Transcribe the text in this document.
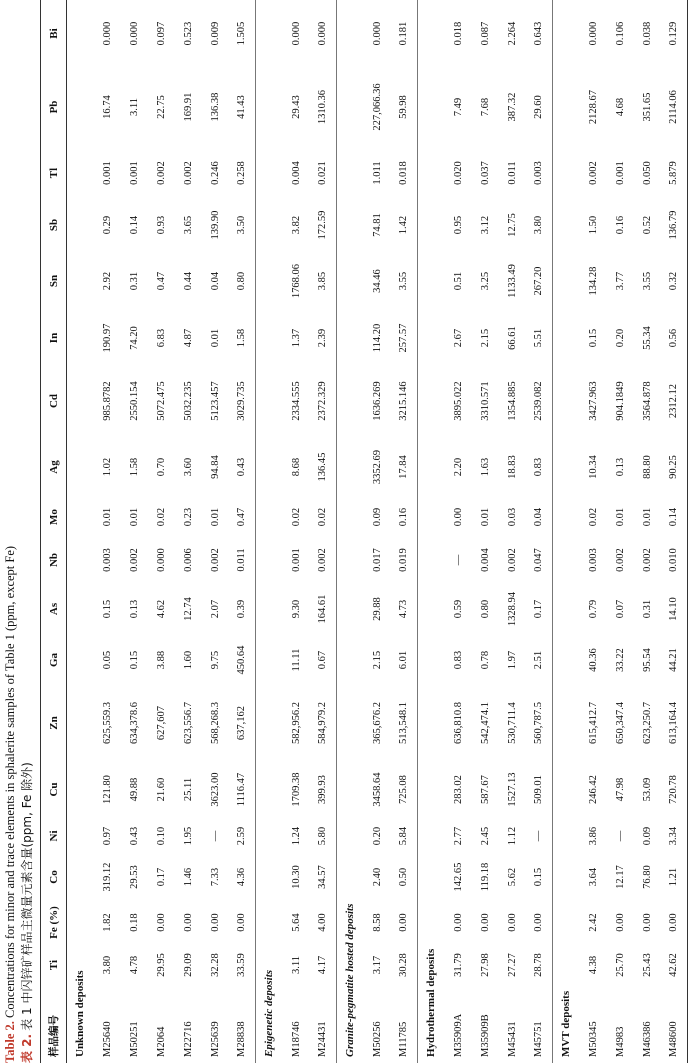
Table 2. Concentrations for minor and trace elements in sphalerite samples of Table 1 (ppm, except Fe)
表 2. 表 1 中闪锌矿样品主微量元素含量(ppm, Fe 除外)
样品编号	Ti	Fe (%)	Co	Ni	Cu	Zn	Ga	As	Nb	Mo	Ag	Cd	In	Sn	Sb	Tl	Pb	Bi
Unknown deposits																		
M25640	3.80	1.82	319.12	0.97	121.80	625,559.3	0.05	0.15	0.003	0.01	1.02	985.8782	190.97	2.92	0.29	0.001	16.74	0.000
M50251	4.78	0.18	29.53	0.43	49.88	634,378.6	0.15	0.13	0.002	0.01	1.58	2550.154	74.20	0.31	0.14	0.001	3.11	0.000
M2064	29.95	0.00	0.17	0.10	21.60	627,607	3.88	4.62	0.000	0.02	0.70	5072.475	6.83	0.47	0.93	0.002	22.75	0.097
M22716	29.09	0.00	1.46	1.95	25.11	623,556.7	1.60	12.74	0.006	0.23	3.60	5032.235	4.87	0.44	3.65	0.002	169.91	0.523
M25639	32.28	0.00	7.33	—	3623.00	568,268.3	9.75	2.07	0.002	0.01	94.84	5123.457	0.01	0.04	139.90	0.246	136.38	0.009
M28838	33.59	0.00	4.36	2.59	1116.47	637,162	450.64	0.39	0.011	0.47	0.43	3029.735	1.58	0.80	3.50	0.258	41.43	1.505
Epigenetic deposits																		
M18746	3.11	5.64	10.30	1.24	1709.38	582,956.2	11.11	9.30	0.001	0.02	8.68	2334.555	1.37	1768.06	3.82	0.004	29.43	0.000
M24431	4.17	4.00	34.57	5.80	399.93	584,979.2	0.67	164.61	0.002	0.02	136.45	2372.329	2.39	3.85	172.59	0.021	1310.36	0.000
Granite-pegmatite hosted deposits																		
M50256	3.17	8.58	2.40	0.20	3458.64	365,676.2	2.15	29.88	0.017	0.09	3352.69	1636.269	114.20	34.46	74.81	1.011	227,066.36	0.000
M11785	30.28	0.00	0.50	5.84	725.08	513,548.1	6.01	4.73	0.019	0.16	17.84	3215.146	257.57	3.55	1.42	0.018	59.98	0.181
Hydrothermal deposits																		
M35909A	31.79	0.00	142.65	2.77	283.02	636,810.8	0.83	0.59	—	0.00	2.20	3895.022	2.67	0.51	0.95	0.020	7.49	0.018
M35909B	27.98	0.00	119.18	2.45	587.67	542,474.1	0.78	0.80	0.004	0.01	1.63	3310.571	2.15	3.25	3.12	0.037	7.68	0.087
M45431	27.27	0.00	5.62	1.12	1527.13	530,711.4	1.97	1328.94	0.002	0.03	18.83	1354.885	66.61	1133.49	12.75	0.011	387.32	2.264
M45751	28.78	0.00	0.15	—	509.01	560,787.5	2.51	0.17	0.047	0.04	0.83	2539.082	5.51	267.20	3.80	0.003	29.60	0.643
MVT deposits																		
M50345	4.38	2.42	3.64	3.86	246.42	615,412.7	40.36	0.79	0.003	0.02	10.34	3427.963	0.15	134.28	1.50	0.002	2128.67	0.000
M4983	25.70	0.00	12.17	—	47.98	650,347.4	33.22	0.07	0.002	0.01	0.13	904.1849	0.20	3.77	0.16	0.001	4.68	0.106
M46386	25.43	0.00	76.80	0.09	53.09	623,250.7	95.54	0.31	0.002	0.01	88.80	3564.878	55.34	3.55	0.52	0.050	351.65	0.038
M48600	42.62	0.00	1.21	3.34	720.78	613,164.4	44.21	14.10	0.010	0.14	90.25	2312.12	0.56	0.32	136.79	5.879	2114.06	0.129
